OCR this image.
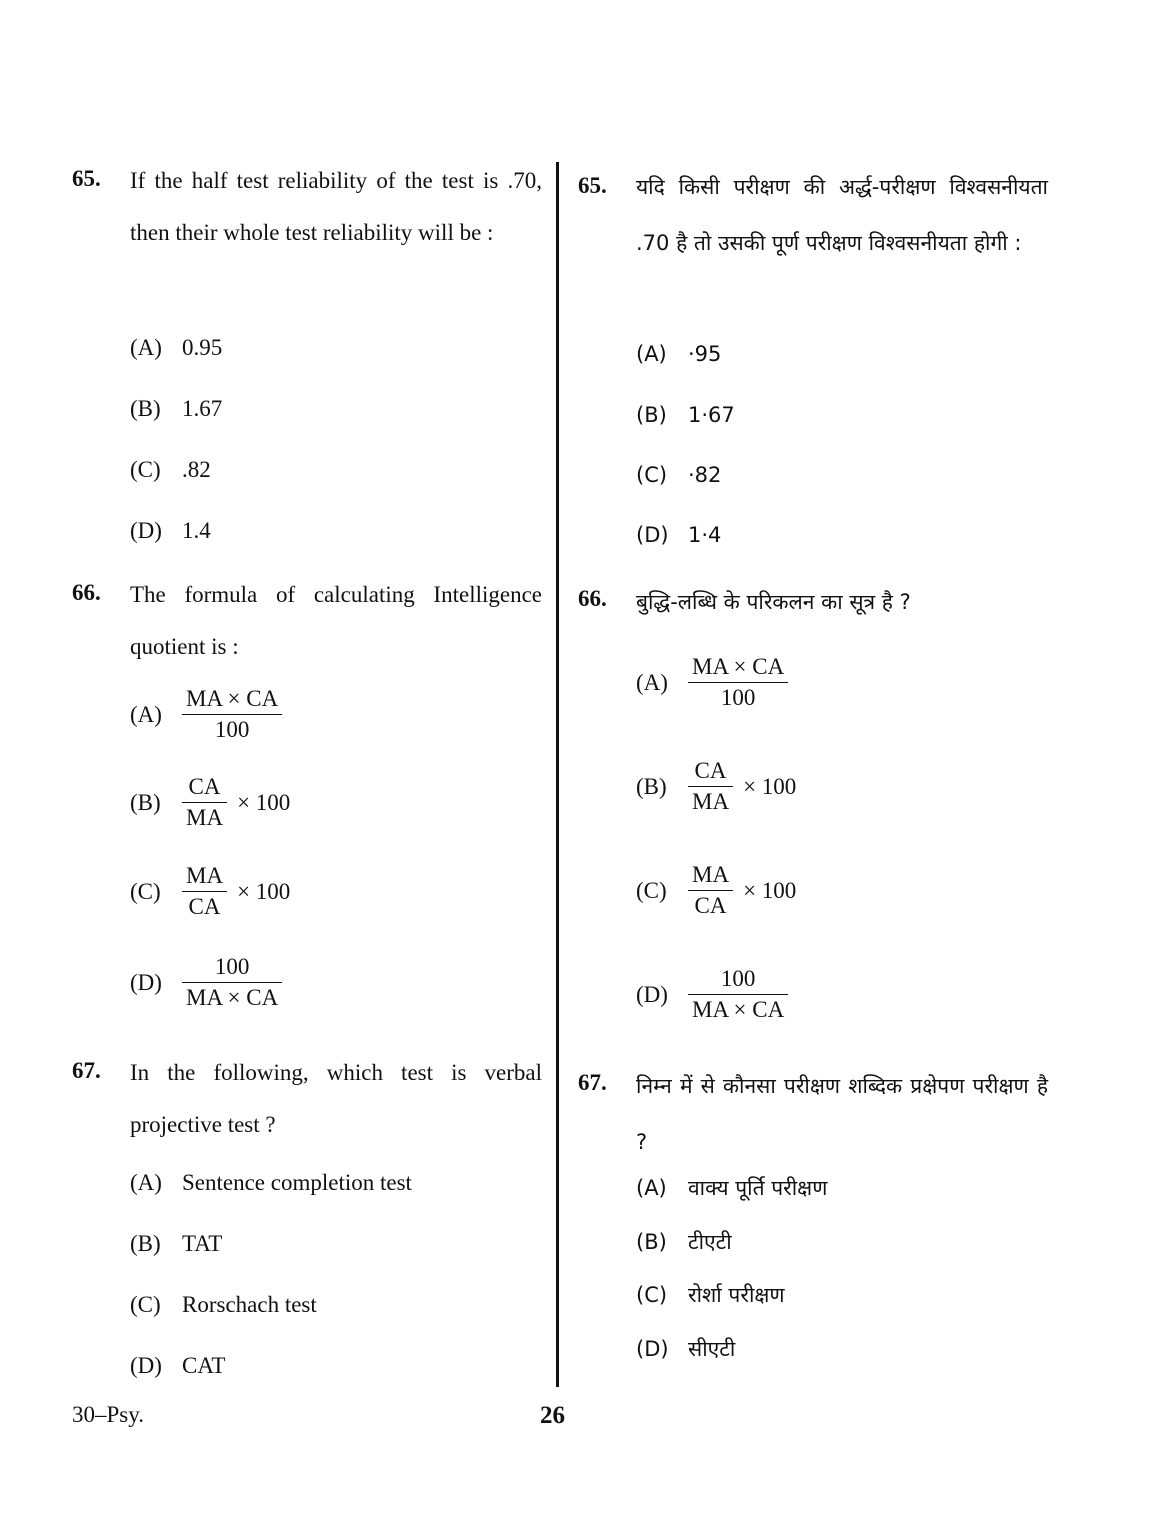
65. If the half test reliability of the test is .70, then their whole test reliability will be :
(A) 0.95
(B) 1.67
(C) .82
(D) 1.4
66. The formula of calculating Intelligence quotient is :
$(A) \frac{MA \times CA}{100}$
$(B) \frac{CA}{MA} \times 100$
$(C) \frac{MA}{CA} \times 100$
$(D) \frac{100}{MA \times CA}$
67. In the following, which test is verbal projective test ?
(A) Sentence completion test
(B) TAT
(C) Rorschach test
(D) CAT
65. यदि किसी परीक्षण की अर्द्ध-परीक्षण विश्वसनीयता .70 है तो उसकी पूर्ण परीक्षण विश्वसनीयता होगी :
(A) ·95
(B) 1·67
(C) ·82
(D) 1·4
66. बुद्धि-लब्धि के परिकलन का सूत्र है ?
$(A) \frac{MA \times CA}{100}$
$(B) \frac{CA}{MA} \times 100$
$(C) \frac{MA}{CA} \times 100$
$(D) \frac{100}{MA \times CA}$
67. निम्न में से कौनसा परीक्षण शब्दिक प्रक्षेपण परीक्षण है ?
(A) वाक्य पूर्ति परीक्षण
(B) टीएटी
(C) रोर्शा परीक्षण
(D) सीएटी
30–Psy.	26
